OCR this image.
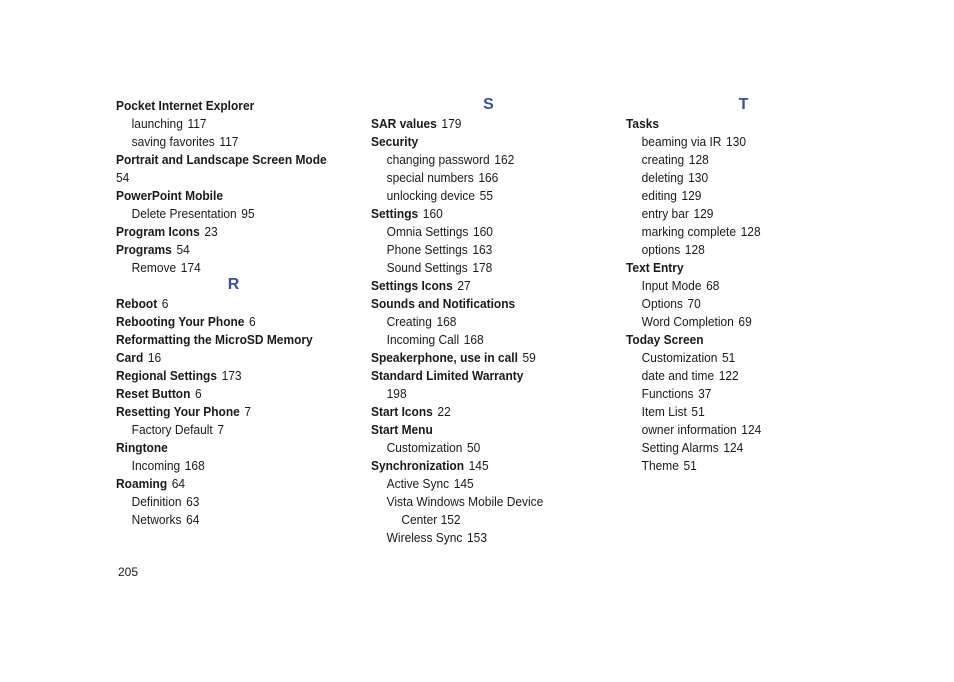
Pocket Internet Explorer
launching 117
saving favorites 117
Portrait and Landscape Screen Mode
54
PowerPoint Mobile
Delete Presentation 95
Program Icons 23
Programs 54
Remove 174
R
Reboot 6
Rebooting Your Phone 6
Reformatting the MicroSD Memory
Card 16
Regional Settings 173
Reset Button 6
Resetting Your Phone 7
Factory Default 7
Ringtone
Incoming 168
Roaming 64
Definition 63
Networks 64
S
SAR values 179
Security
changing password 162
special numbers 166
unlocking device 55
Settings 160
Omnia Settings 160
Phone Settings 163
Sound Settings 178
Settings Icons 27
Sounds and Notifications
Creating 168
Incoming Call 168
Speakerphone, use in call 59
Standard Limited Warranty
198
Start Icons 22
Start Menu
Customization 50
Synchronization 145
Active Sync 145
Vista Windows Mobile Device
Center 152
Wireless Sync 153
T
Tasks
beaming via IR 130
creating 128
deleting 130
editing 129
entry bar 129
marking complete 128
options 128
Text Entry
Input Mode 68
Options 70
Word Completion 69
Today Screen
Customization 51
date and time 122
Functions 37
Item List 51
owner information 124
Setting Alarms 124
Theme 51
205
